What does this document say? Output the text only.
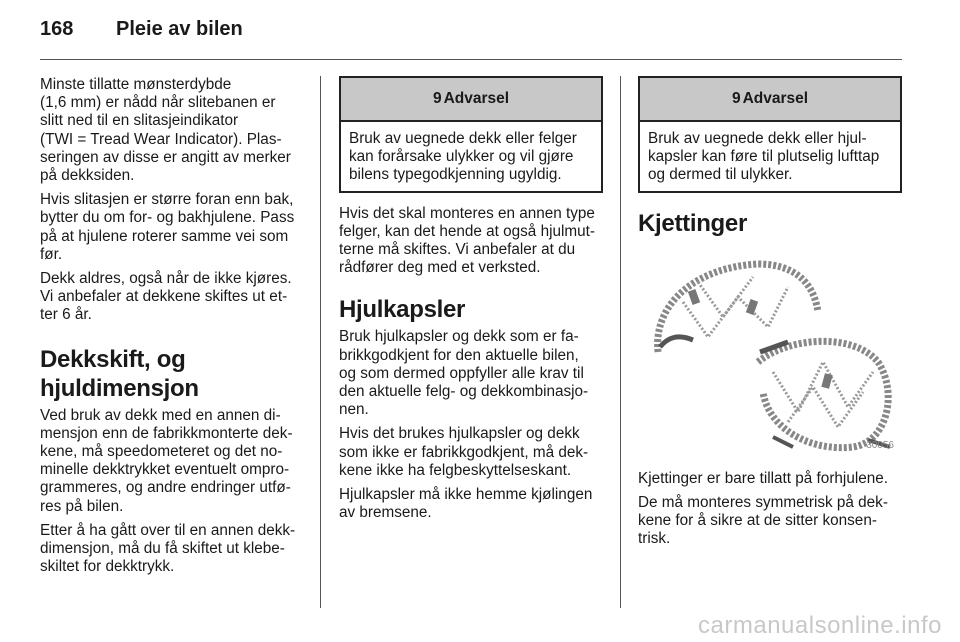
168 Pleie av bilen

Minste tillatte mønsterdybde
(1,6 mm) er nådd når slitebanen er
slitt ned til en slitasjeindikator
(TWI = Tread Wear Indicator). Plas-
seringen av disse er angitt av merker
på dekksiden.

Hvis slitasjen er større foran enn bak,
bytter du om for- og bakhjulene. Pass
på at hjulene roterer samme vei som
før.

Dekk aldres, også når de ikke kjøres.
Vi anbefaler at dekkene skiftes ut et-
ter 6 år.

Dekkskift, og
hjuldimensjon

Ved bruk av dekk med en annen di-
mensjon enn de fabrikkmonterte dek-
kene, må speedometeret og det no-
minelle dekktrykket eventuelt ompro-
grammeres, og andre endringer utfø-
res på bilen.

Etter å ha gått over til en annen dekk-
dimensjon, må du få skiftet ut klebe-
skiltet for dekktrykk.

9 Advarsel
Bruk av uegnede dekk eller felger
kan forårsake ulykker og vil gjøre
bilens typegodkjenning ugyldig.

Hvis det skal monteres en annen type
felger, kan det hende at også hjulmut-
terne må skiftes. Vi anbefaler at du
rådfører deg med et verksted.

Hjulkapsler

Bruk hjulkapsler og dekk som er fa-
brikkgodkjent for den aktuelle bilen,
og som dermed oppfyller alle krav til
den aktuelle felg- og dekkombinasjo-
nen.

Hvis det brukes hjulkapsler og dekk
som ikke er fabrikkgodkjent, må dek-
kene ikke ha felgbeskyttelseskant.

Hjulkapsler må ikke hemme kjølingen
av bremsene.

9 Advarsel
Bruk av uegnede dekk eller hjul-
kapsler kan føre til plutselig lufttap
og dermed til ulykker.
Kjettinger
30056

Kjettinger er bare tillatt på forhjulene.

De må monteres symmetrisk på dek-
kene for å sikre at de sitter konsen-
trisk.

carmanualsonline.info
